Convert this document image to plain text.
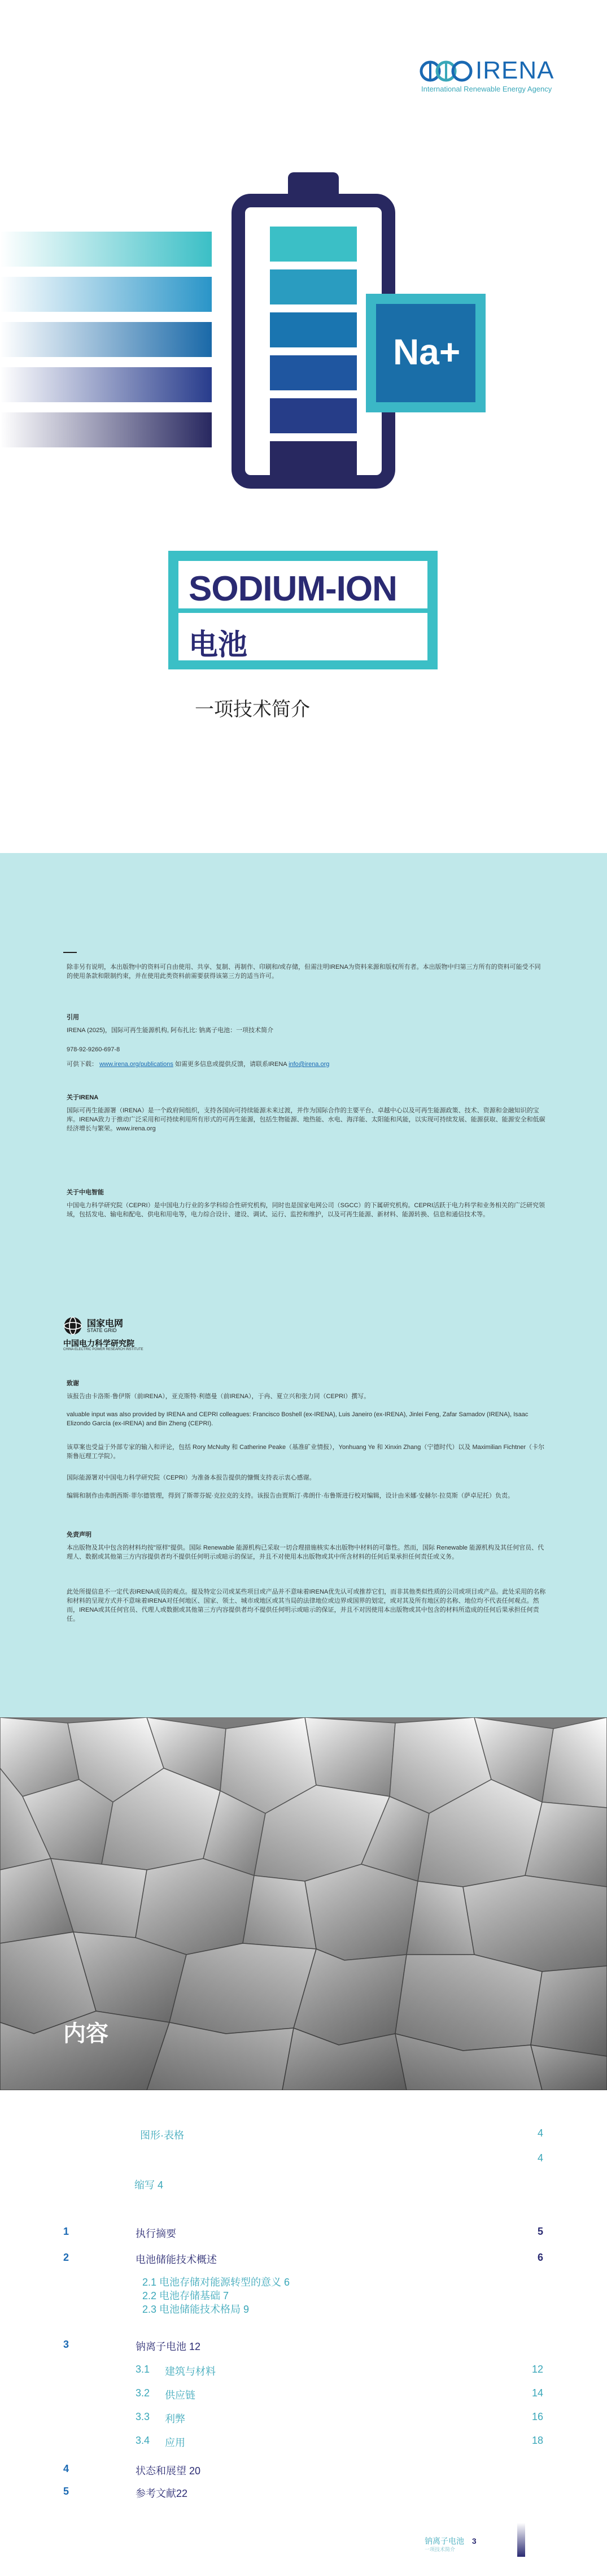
IRENA
International Renewable Energy Agency
Na+
SODIUM-ION
电池
一项技术简介

除非另有说明，本出版物中的资料可自由使用、共享、复制、再制作、印刷和/或存储，但需注明IRENA为资料来源和版权所有者。本出版物中归第三方所有的资料可能受不同的使用条款和限制约束，并在使用此类资料前需要获得该第三方的适当许可。

引用

IRENA (2025)，国际可再生能源机构, 阿布扎比: 钠离子电池：一项技术简介

978-92-9260-697-8

可供下载： www.irena.org/publications 如需更多信息或提供反馈，请联系IRENA info@irena.org

关于IRENA

国际可再生能源署（IRENA）是一个政府间组织，支持各国向可持续能源未来过渡，并作为国际合作的主要平台、卓越中心以及可再生能源政策、技术、资源和金融知识的宝库。IRENA致力于推动广泛采用和可持续利用所有形式的可再生能源，包括生物能源、地热能、水电、海洋能、太阳能和风能，以实现可持续发展、能源获取、能源安全和低碳经济增长与繁荣。www.irena.org

关于中电智能

中国电力科学研究院（CEPRI）是中国电力行业的多学科综合性研究机构，同时也是国家电网公司（SGCC）的下属研究机构。CEPRI活跃于电力科学和业务相关的广泛研究领域，包括发电、输电和配电、供电和用电等，电力综合设计、建设、调试、运行、监控和维护，以及可再生能源、新材料、能源转换、信息和通信技术等。

国家电网
STATE GRID
中国电力科学研究院
CHINA ELECTRIC POWER RESEARCH INSTITUTE
致谢

该报告由卡洛斯·鲁伊斯（前IRENA），亚克斯特·利德曼（前IRENA），于冉、夏立兴和张力同（CEPRI）撰写。

valuable input was also provided by IRENA and CEPRI colleagues: Francisco Boshell (ex-IRENA), Luis Janeiro (ex-IRENA), Jinlei Feng, Zafar Samadov (IRENA), Isaac Elizondo García (ex-IRENA) and Bin Zheng (CEPRI).

该草案也受益于外部专家的输入和评论，包括 Rory McNulty 和 Catherine Peake（基准矿业情报），Yonhuang Ye 和 Xinxin Zhang（宁德时代）以及 Maximilian Fichtner（卡尔斯鲁厄理工学院）。

国际能源署对中国电力科学研究院（CEPRI）为准备本报告提供的慷慨支持表示衷心感谢。

编辑和制作由弗朗西斯·菲尔德管理，得到了斯蒂芬妮·克拉克的支持。该报告由贾斯汀·弗朗什·布鲁斯进行校对编辑，设计由米娜·安赫尔·拉莫斯（萨卓尼托）负责。

免责声明

本出版物及其中包含的材料均按"原样"提供。国际 Renewable 能源机构已采取一切合理措施核实本出版物中材料的可靠性。然而，国际 Renewable 能源机构及其任何官员、代理人、数据或其他第三方内容提供者均不提供任何明示或暗示的保证，并且不对使用本出版物或其中所含材料的任何后果承担任何责任或义务。

此处所提信息不一定代表IRENA成员的观点。提及特定公司或某些项目或产品并不意味着IRENA优先认可或推荐它们，而非其他类似性质的公司或项目或产品。此处采用的名称和材料的呈现方式并不意味着IRENA对任何地区、国家、领土、城市或地区或其当局的法律地位或边界或国界的划定，或对其及所有地区的名称、地位均不代表任何观点。然而，IRENA或其任何官员、代理人或数据或其他第三方内容提供者均不提供任何明示或暗示的保证，并且不对因使用本出版物或其中包含的材料所造成的任何后果承担任何责任。

内容
图形·表格	4
4
缩写 4
1	执行摘要	5
2	电池储能技术概述	6
2.1 电池存储对能源转型的意义 6
2.2 电池存储基础 7
2.3 电池储能技术格局 9
3	钠离子电池 12
3.1 建筑与材料	12
3.2 供应链	14
3.3 利弊	16
3.4 应用	18
4	状态和展望 20
5	参考文献22
钠离子电池 3
一项技术简介
